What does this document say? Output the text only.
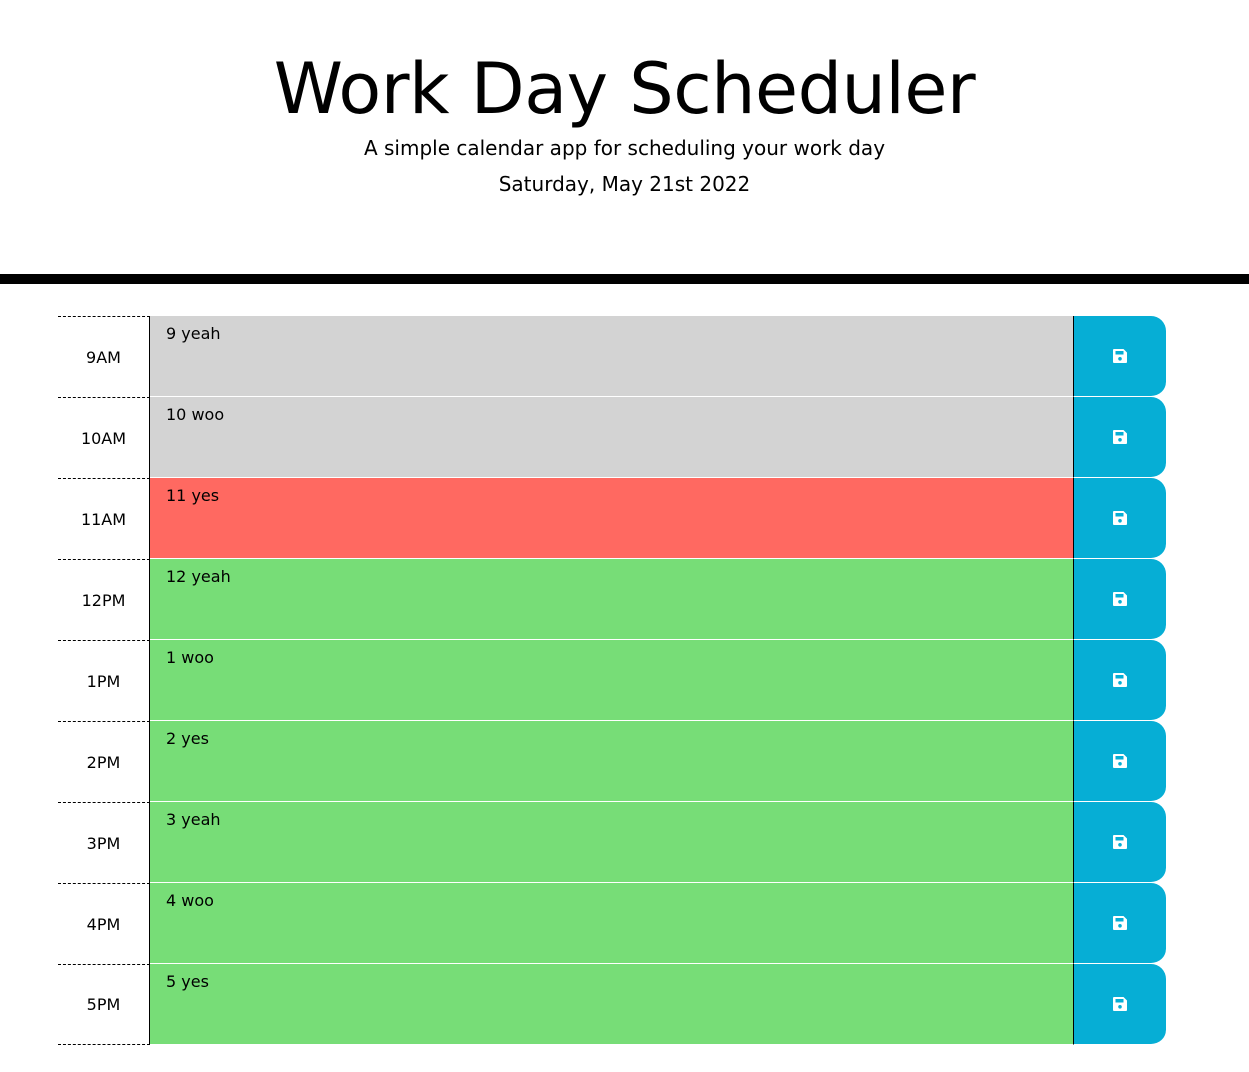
Work Day Scheduler

A simple calendar app for scheduling your work day

Saturday, May 21st 2022

9AM
9 yeah
10AM
10 woo
11AM
11 yes
12PM
12 yeah
1PM
1 woo
2PM
2 yes
3PM
3 yeah
4PM
4 woo
5PM
5 yes
